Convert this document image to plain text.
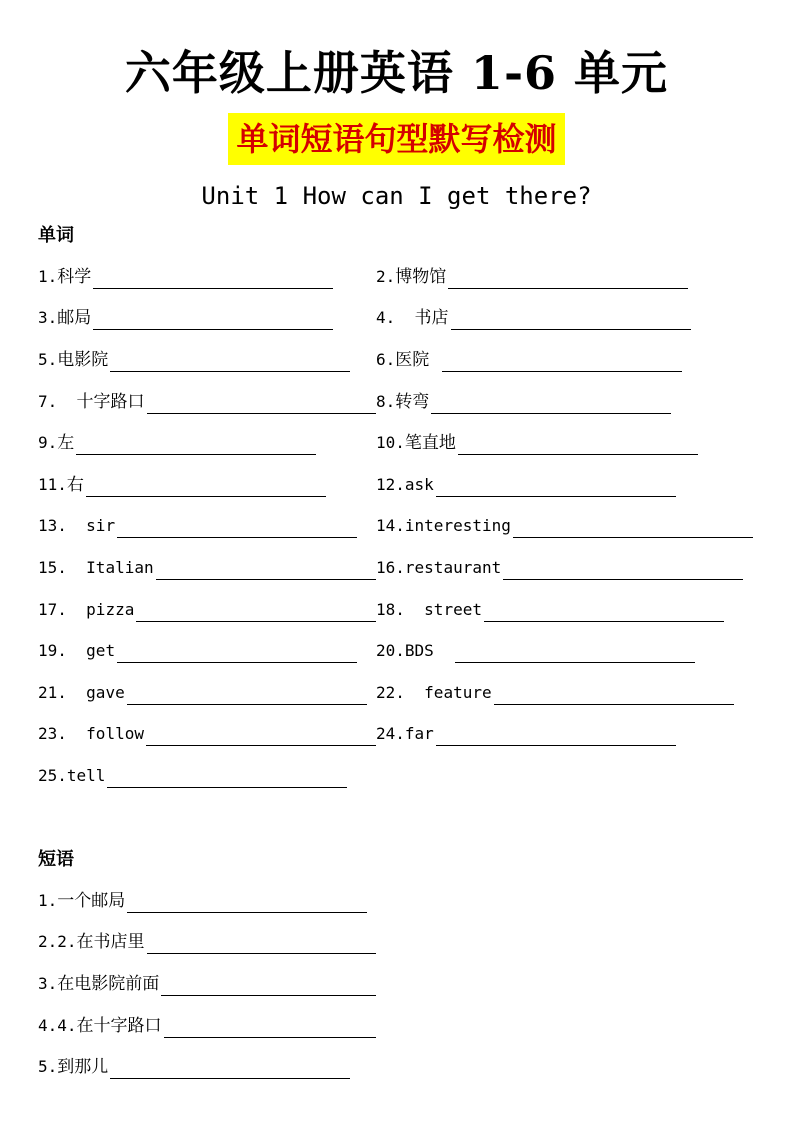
六年级上册英语 1-6 单元
单词短语句型默写检测
Unit 1 How can I get there?
单词
1. 科学	2. 博物馆
3. 邮局	4. 书店
5. 电影院	6. 医院
7. 十字路口	8. 转弯
9. 左	10. 笔直地
11. 右	12. ask
13. sir	14. interesting
15. Italian	16. restaurant
17. pizza	18. street
19. get	20. BDS
21. gave	22. feature
23. follow	24. far
25. tell
短语
1. 一个邮局
2.2. 在书店里
3. 在电影院前面
4.4. 在十字路口
5. 到那儿
